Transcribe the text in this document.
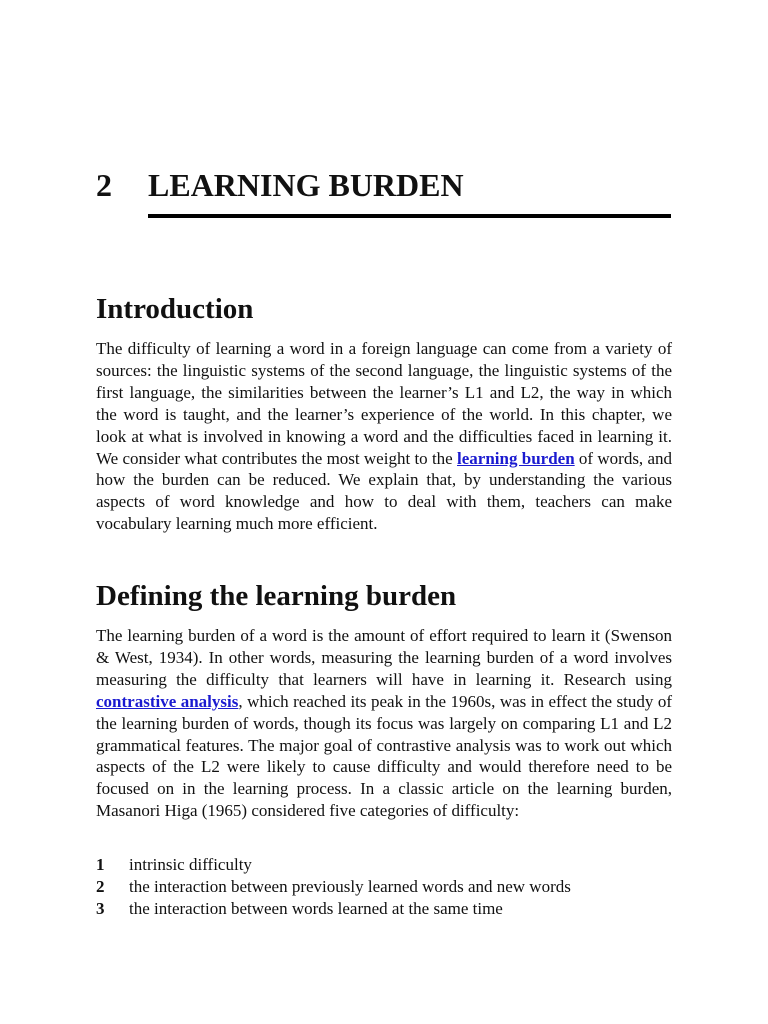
2 LEARNING BURDEN
Introduction

The difficulty of learning a word in a foreign language can come from a variety of sources: the linguistic systems of the second language, the linguistic systems of the first language, the similarities between the learner’s L1 and L2, the way in which the word is taught, and the learner’s experience of the world. In this chapter, we look at what is involved in knowing a word and the difficulties faced in learning it. We consider what contributes the most weight to the learning burden of words, and how the burden can be reduced. We explain that, by understanding the various aspects of word knowledge and how to deal with them, teachers can make vocabulary learning much more efficient.

Defining the learning burden

The learning burden of a word is the amount of effort required to learn it (Swenson & West, 1934). In other words, measuring the learning burden of a word involves measuring the difficulty that learners will have in learning it. Research using contrastive analysis, which reached its peak in the 1960s, was in effect the study of the learning burden of words, though its focus was largely on comparing L1 and L2 grammatical features. The major goal of contrastive analysis was to work out which aspects of the L2 were likely to cause difficulty and would therefore need to be focused on in the learning process. In a classic article on the learning burden, Masanori Higa (1965) considered five categories of difficulty:

1 intrinsic difficulty
2 the interaction between previously learned words and new words
3 the interaction between words learned at the same time
